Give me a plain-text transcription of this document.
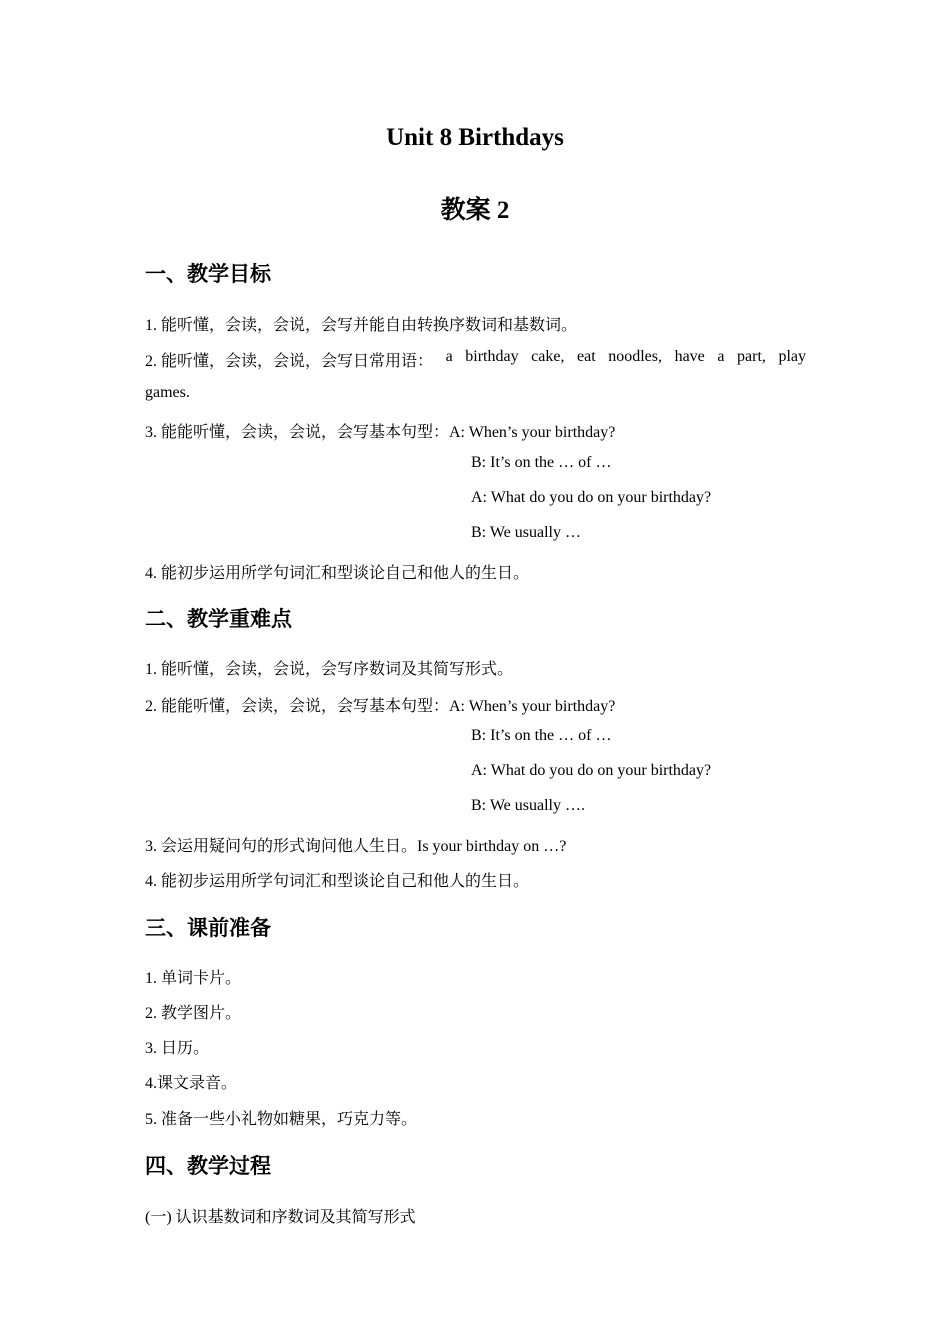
Unit 8 Birthdays
教案 2
一、教学目标
1. 能听懂，会读，会说，会写并能自由转换序数词和基数词。
2. 能听懂，会读，会说，会写日常用语： a birthday cake, eat noodles, have a part, play
games.
3. 能能听懂，会读，会说，会写基本句型：A: When’s your birthday?
B: It’s on the … of …
A: What do you do on your birthday?
B: We usually …
4. 能初步运用所学句词汇和型谈论自己和他人的生日。
二、教学重难点
1. 能听懂，会读，会说，会写序数词及其简写形式。
2. 能能听懂，会读，会说，会写基本句型：A: When’s your birthday?
B: It’s on the … of …
A: What do you do on your birthday?
B: We usually ….
3. 会运用疑问句的形式询问他人生日。Is your birthday on …?
4. 能初步运用所学句词汇和型谈论自己和他人的生日。
三、课前准备
1. 单词卡片。
2. 教学图片。
3. 日历。
4.课文录音。
5. 准备一些小礼物如糖果，巧克力等。
四、教学过程
(一) 认识基数词和序数词及其简写形式
